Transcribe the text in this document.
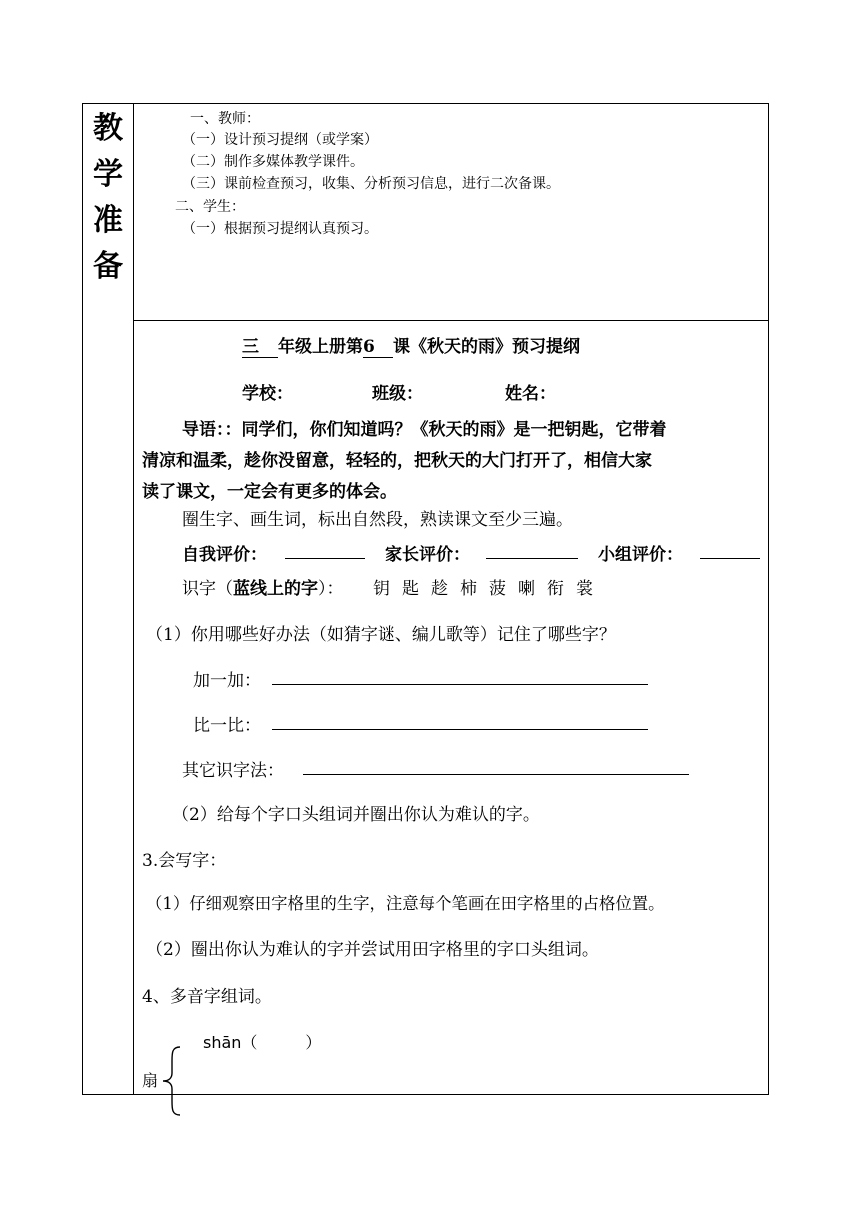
教
学
准
备
一、教师：
（一）设计预习提纲（或学案）
（二）制作多媒体教学课件。
（三）课前检查预习，收集、分析预习信息，进行二次备课。
二、学生：
（一）根据预习提纲认真预习。
三 年级上册第6 课《秋天的雨》预习提纲
学校：	班级：	姓名：
导语：：同学们，你们知道吗？《秋天的雨》是一把钥匙，它带着
清凉和温柔，趁你没留意，轻轻的，把秋天的大门打开了，相信大家
读了课文，一定会有更多的体会。
圈生字、画生词，标出自然段，熟读课文至少三遍。
自我评价：	家长评价：	小组评价：
识字（蓝线上的字）： 钥 匙 趁 柿 菠 喇 衔 裳
（1）你用哪些好办法（如猜字谜、编儿歌等）记住了哪些字？
加一加：
比一比：
其它识字法：
（2）给每个字口头组词并圈出你认为难认的字。
3.会写字：
（1）仔细观察田字格里的生字，注意每个笔画在田字格里的占格位置。
（2）圈出你认为难认的字并尝试用田字格里的字口头组词。
4、多音字组词。
shān（　　　）
扇
